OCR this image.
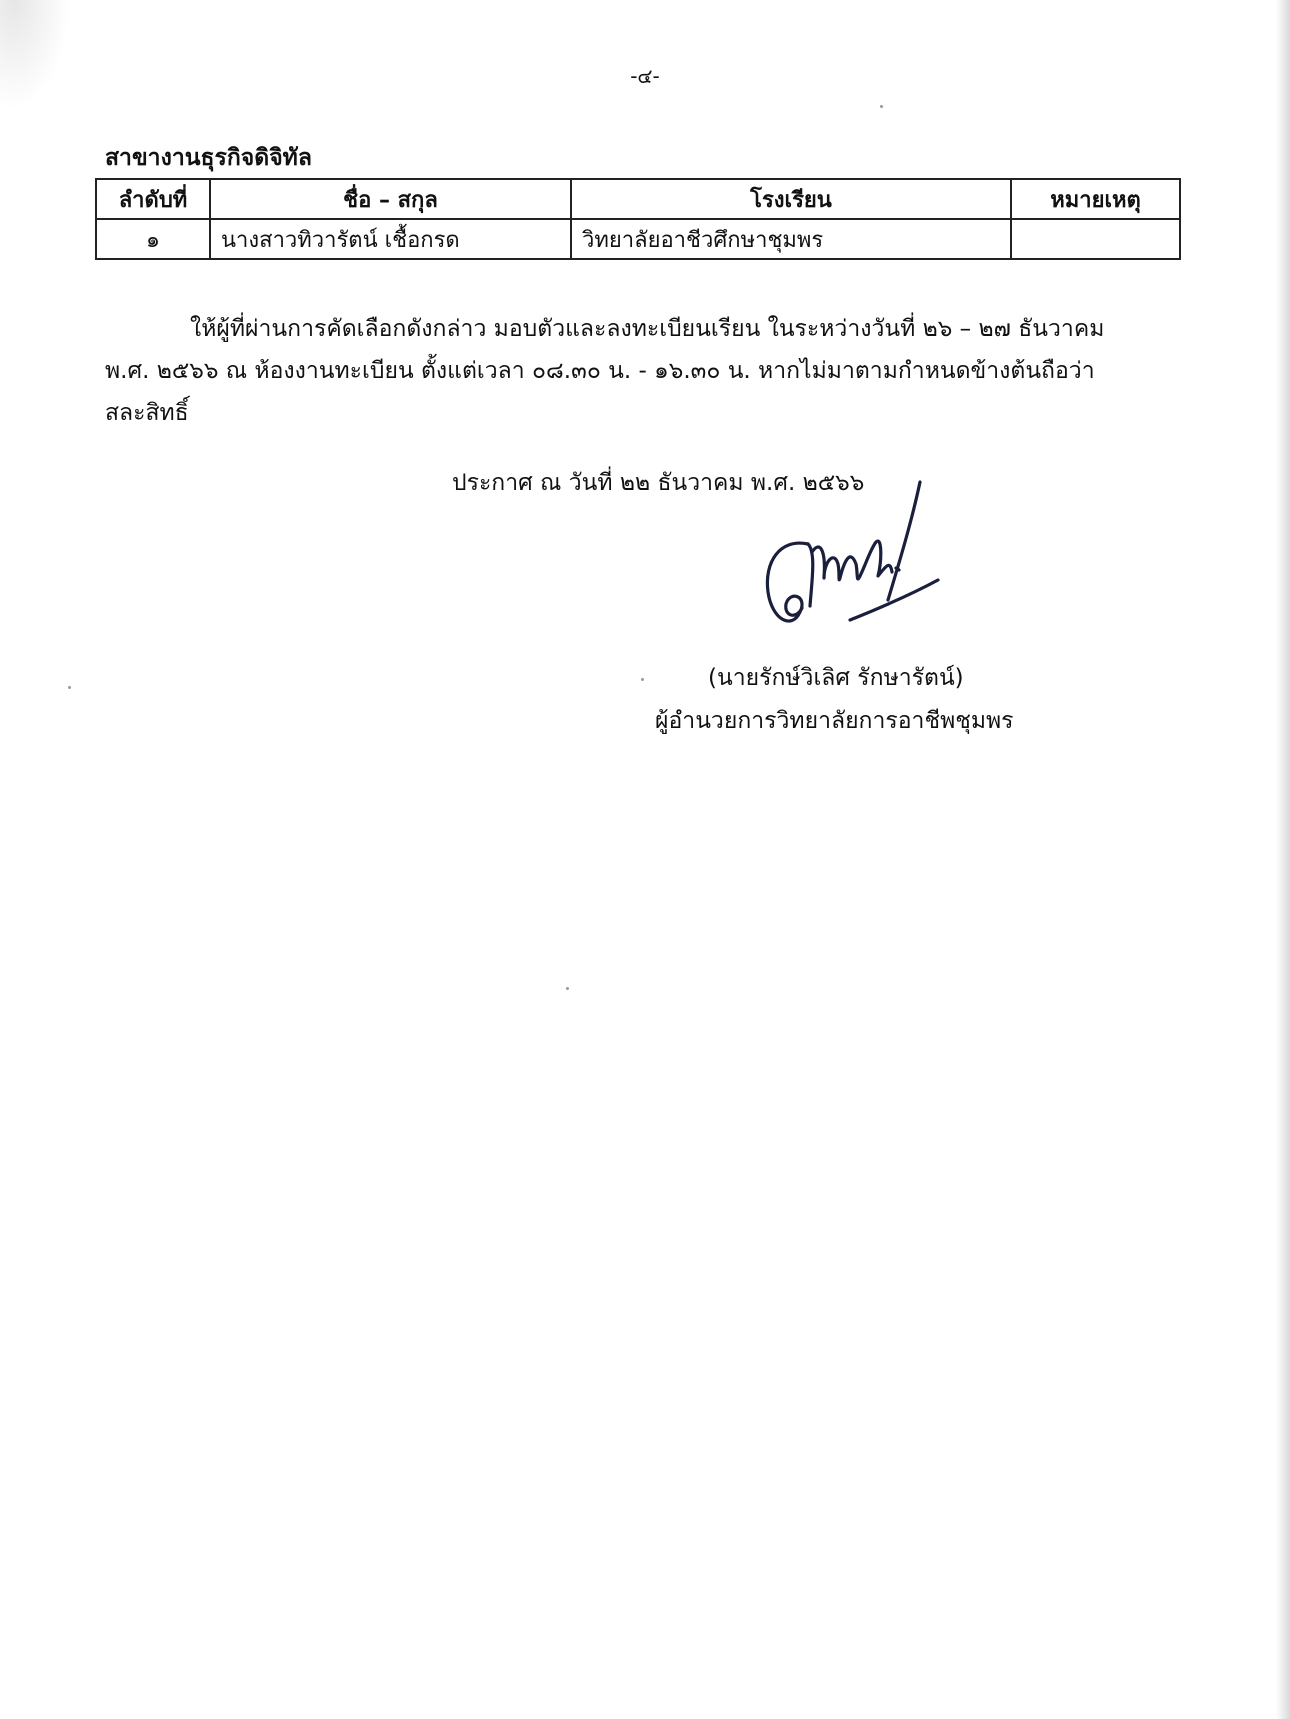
-๔-
สาขางานธุรกิจดิจิทัล
ลำดับที่	ชื่อ – สกุล	โรงเรียน	หมายเหตุ
๑	นางสาวทิวารัตน์ เชื้อกรด	วิทยาลัยอาชีวศึกษาชุมพร	
ให้ผู้ที่ผ่านการคัดเลือกดังกล่าว มอบตัวและลงทะเบียนเรียน ในระหว่างวันที่ ๒๖ – ๒๗ ธันวาคม
พ.ศ. ๒๕๖๖ ณ ห้องงานทะเบียน ตั้งแต่เวลา ๐๘.๓๐ น. - ๑๖.๓๐ น. หากไม่มาตามกำหนดข้างต้นถือว่า
สละสิทธิ์
ประกาศ ณ วันที่ ๒๒ ธันวาคม พ.ศ. ๒๕๖๖
(นายรักษ์วิเลิศ รักษารัตน์)
ผู้อำนวยการวิทยาลัยการอาชีพชุมพร
